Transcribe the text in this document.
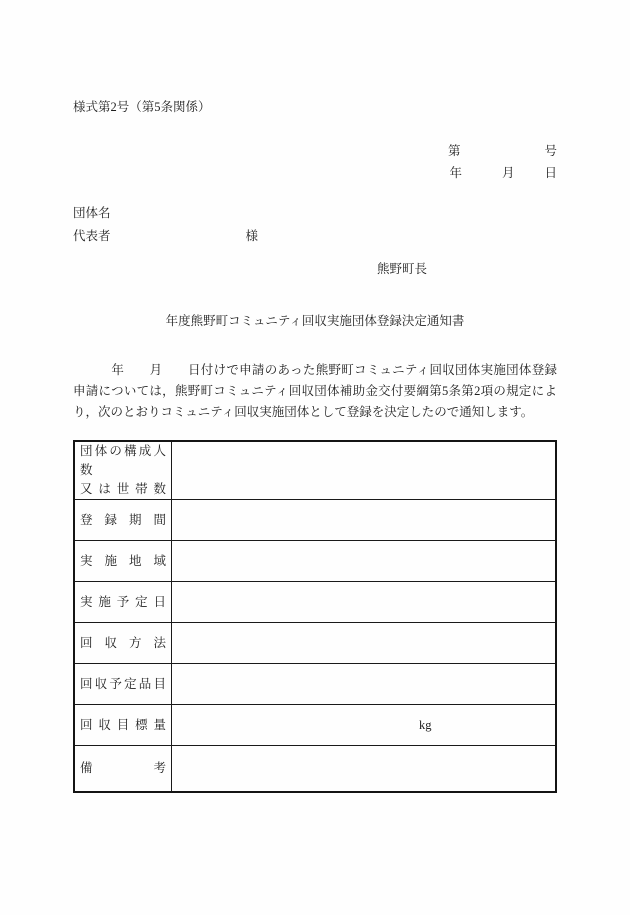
様式第2号（第5条関係）
第	号
年	月 日
団体名
代表者	様
熊野町長
年度熊野町コミュニティ回収実施団体登録決定通知書
　　　年　　月　　日付けで申請のあった熊野町コミュニティ回収団体実施団体登録申請については，熊野町コミュニティ回収団体補助金交付要綱第5条第2項の規定により，次のとおりコミュニティ回収実施団体として登録を決定したので通知します。
団体の構成人数
又は世帯数	

登録期間	

実施地域	

実施予定日	

回収方法	

回収予定品目	

回収目標量	kg

備考	
